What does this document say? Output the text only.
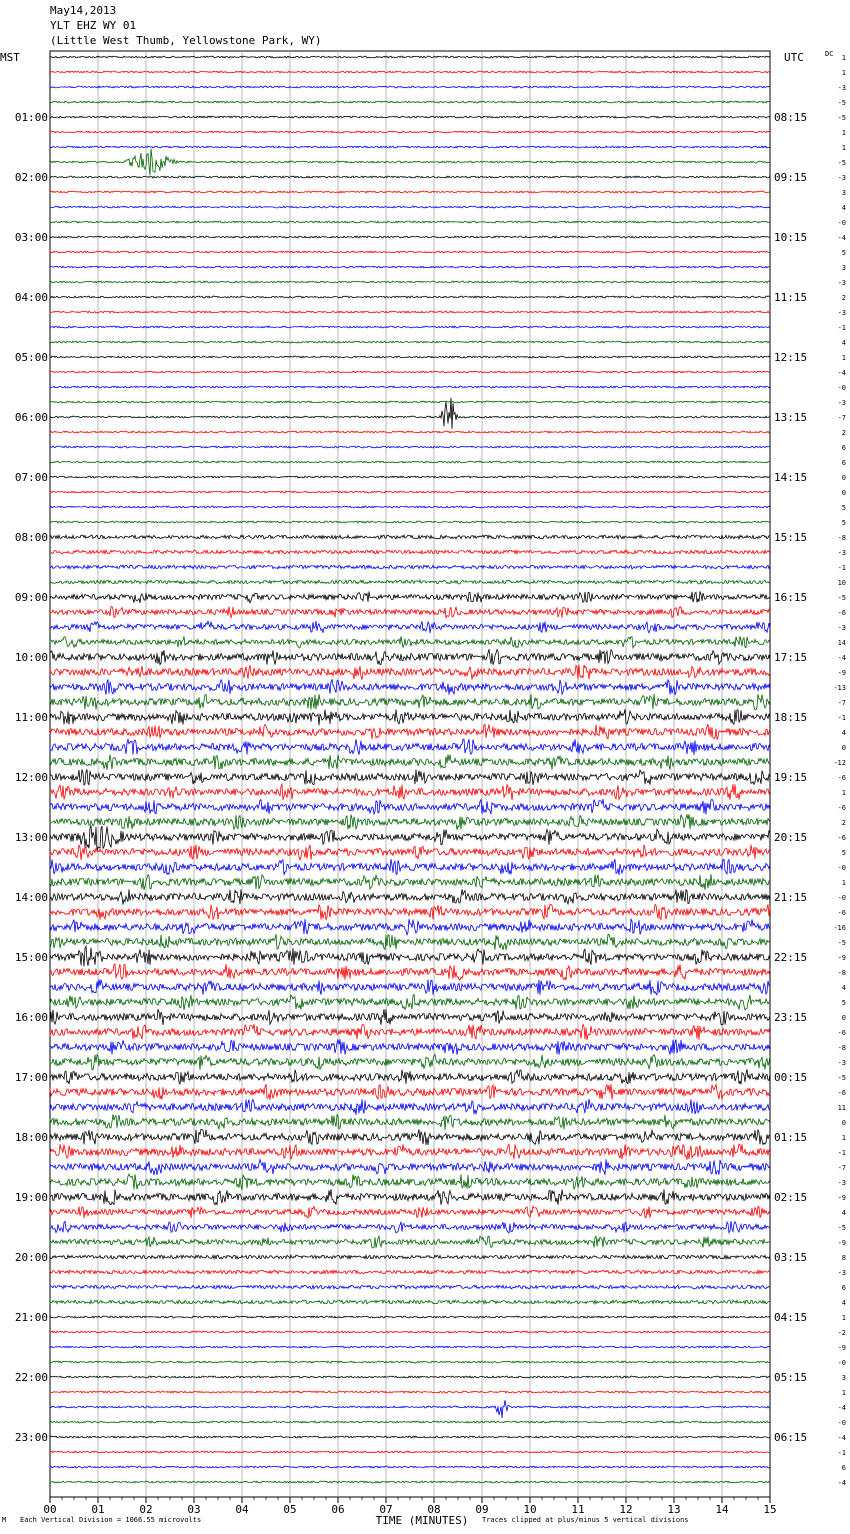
May14,2013
YLT EHZ WY 01
(Little West Thumb, Yellowstone Park, WY)
MST	UTC	DC 1
1
-3
-5
-5
1
1
-5
-3
3
4
-0
-4
5
3
-3
2
-3
-1
4
1
-4
-0
-3
-7
2
6
6
0
0
5
5
-8
-3
-1
10
-5
-6
-3
14
-4
-9
-13
-7
-1
4
0
-12
-6
1
-6
2
-6
5
-0
1
-0
-6
-16
-5
-9
-8
4
5
0
-6
-8
-3
-5
-6
11
0
1
-1
-7
-3
-9
4
-5
-9
8
-3
6
4
1
-2
-9
-0
3
1
-4
-0
-4
-1
6
-4
01:00	08:15
02:00	09:15
03:00	10:15
04:00	11:15
05:00	12:15
06:00	13:15
07:00	14:15
08:00	15:15
09:00	16:15
10:00	17:15
11:00	18:15
12:00	19:15
13:00	20:15
14:00	21:15
15:00	22:15
16:00	23:15
17:00	00:15
18:00	01:15
19:00	02:15
20:00	03:15
21:00	04:15
22:00	05:15
23:00	06:15
00	01	02	03	04	05	06	07	08	09	10	11	12	13	14	15
TIME (MINUTES)
M Each Vertical Division = 1066.55 microvolts	Traces clipped at plus/minus 5 vertical divisions
